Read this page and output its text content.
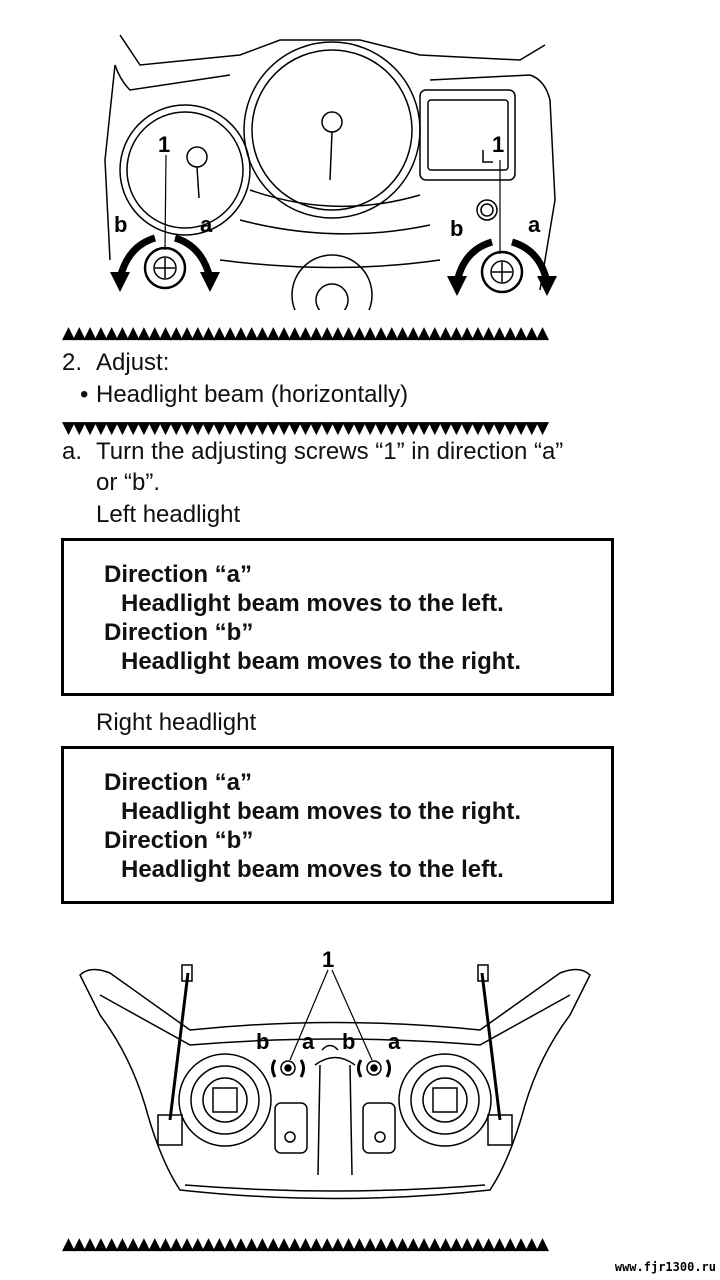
1	1
b	a	b	a
▲▲▲▲▲▲▲▲▲▲▲▲▲▲▲▲▲▲▲▲▲▲▲▲▲▲▲▲▲▲▲▲▲▲▲▲▲▲▲▲▲▲▲▲▲
2. Adjust:
• Headlight beam (horizontally)
▼▼▼▼▼▼▼▼▼▼▼▼▼▼▼▼▼▼▼▼▼▼▼▼▼▼▼▼▼▼▼▼▼▼▼▼▼▼▼▼▼▼▼▼▼
a. Turn the adjusting screws “1” in direction “a”
or “b”.
Left headlight
Direction “a”
Headlight beam moves to the left.
Direction “b”
Headlight beam moves to the right.
Right headlight
Direction “a”
Headlight beam moves to the right.
Direction “b”
Headlight beam moves to the left.
1
b a b a
▲▲▲▲▲▲▲▲▲▲▲▲▲▲▲▲▲▲▲▲▲▲▲▲▲▲▲▲▲▲▲▲▲▲▲▲▲▲▲▲▲▲▲▲▲
www.fjr1300.ru
